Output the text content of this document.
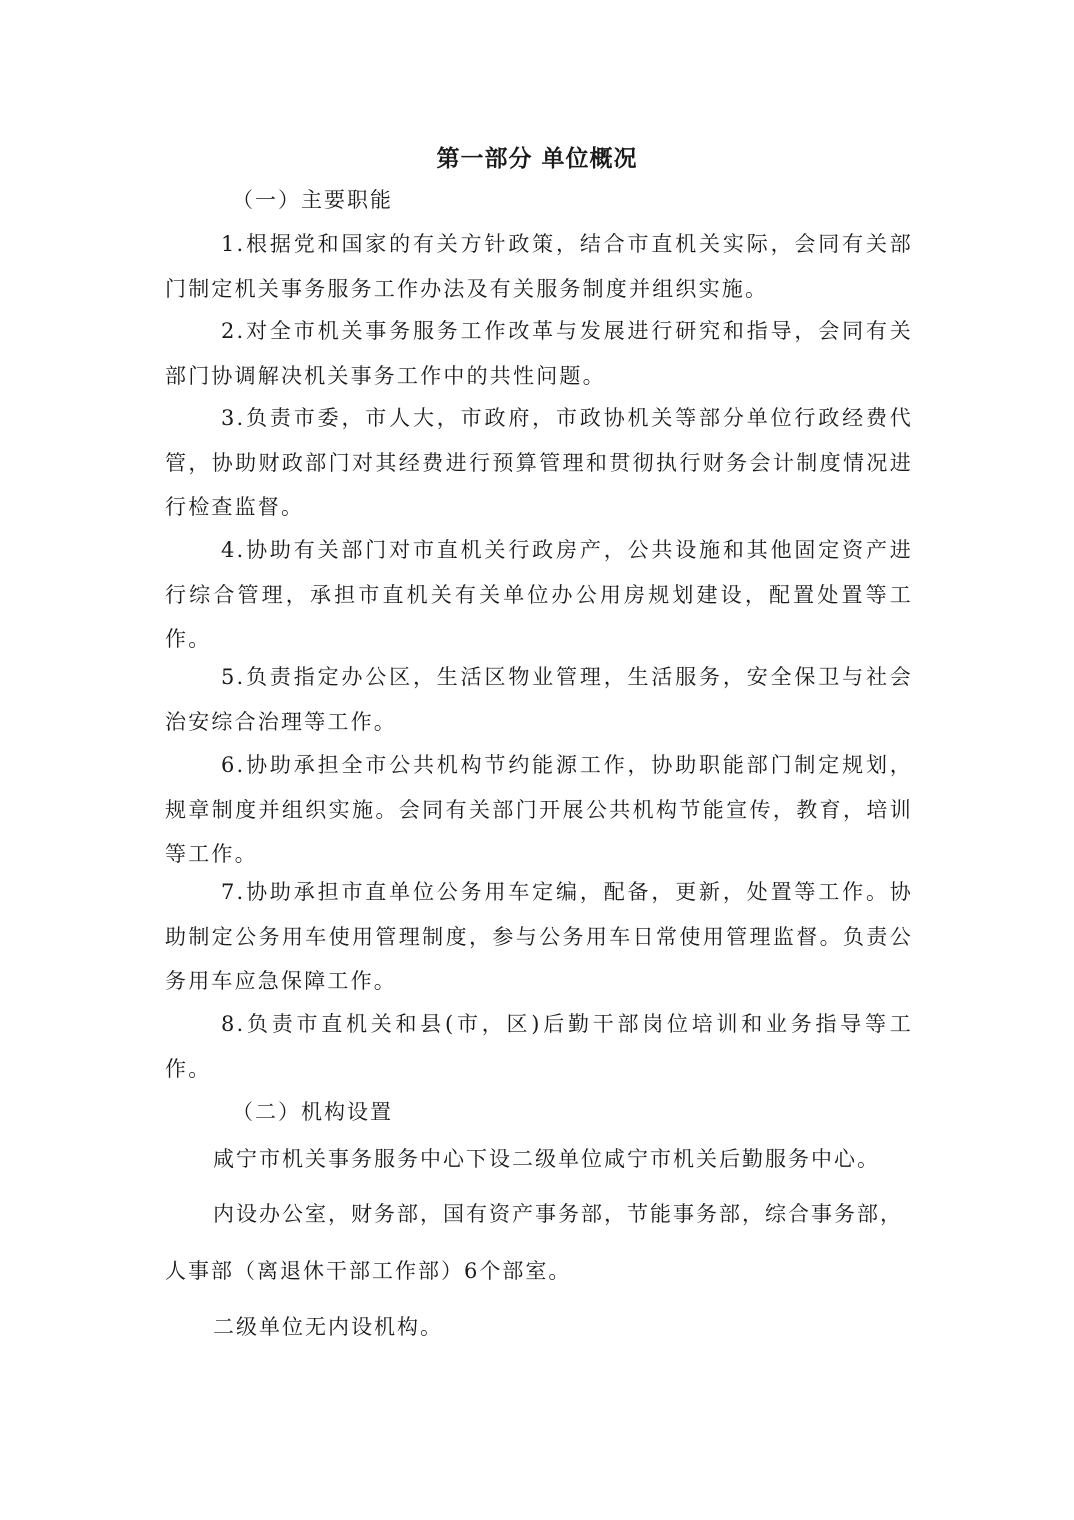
第一部分 单位概况

（一）主要职能

1.根据党和国家的有关方针政策，结合市直机关实际，会同有关部门制定机关事务服务工作办法及有关服务制度并组织实施。

2.对全市机关事务服务工作改革与发展进行研究和指导，会同有关部门协调解决机关事务工作中的共性问题。

3.负责市委，市人大，市政府，市政协机关等部分单位行政经费代管，协助财政部门对其经费进行预算管理和贯彻执行财务会计制度情况进行检查监督。

4.协助有关部门对市直机关行政房产，公共设施和其他固定资产进行综合管理，承担市直机关有关单位办公用房规划建设，配置处置等工作。

5.负责指定办公区，生活区物业管理，生活服务，安全保卫与社会治安综合治理等工作。

6.协助承担全市公共机构节约能源工作，协助职能部门制定规划，规章制度并组织实施。会同有关部门开展公共机构节能宣传，教育，培训等工作。

7.协助承担市直单位公务用车定编，配备，更新，处置等工作。协助制定公务用车使用管理制度，参与公务用车日常使用管理监督。负责公务用车应急保障工作。

8.负责市直机关和县(市，区)后勤干部岗位培训和业务指导等工作。

（二）机构设置

咸宁市机关事务服务中心下设二级单位咸宁市机关后勤服务中心。

内设办公室，财务部，国有资产事务部，节能事务部，综合事务部，

人事部（离退休干部工作部）6个部室。

二级单位无内设机构。
